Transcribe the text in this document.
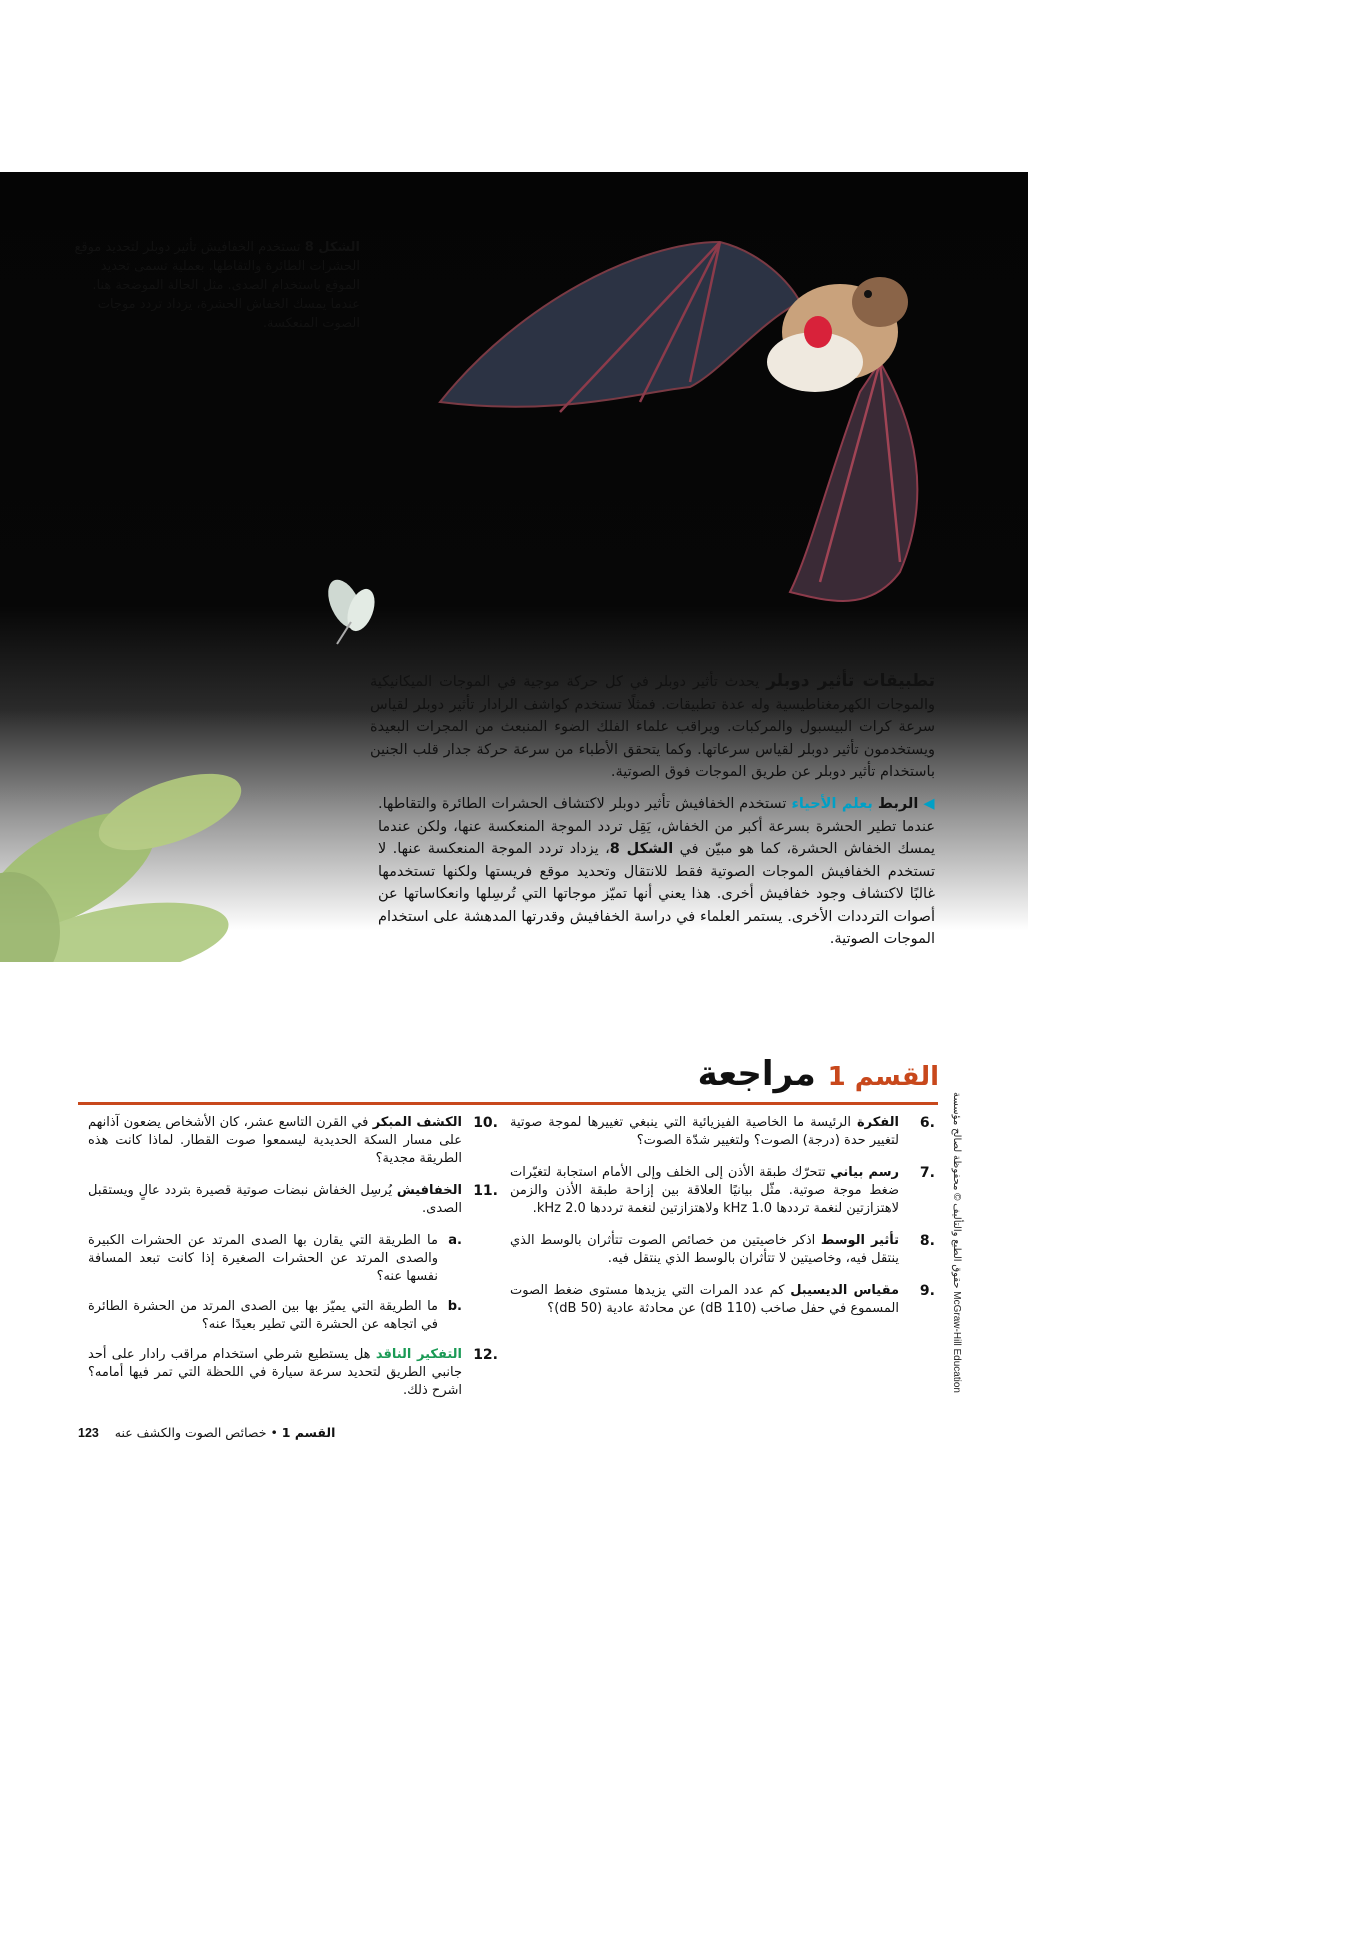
الشكل 8 تستخدم الخفافيش تأثير دوبلر لتحديد موقع الحشرات الطائرة والتقاطها. بعملية تسمى تحديد الموقع باستخدام الصدى. مثل الحالة الموضحة هنا. عندما يمسك الخفاش الحشرة، يزداد تردد موجات الصوت المنعكسة.
تطبيقات تأثير دوبلر يحدث تأثير دوبلر في كل حركة موجية في الموجات الميكانيكية والموجات الكهرمغناطيسية وله عدة تطبيقات. فمثلًا تستخدم كواشف الرادار تأثير دوبلر لقياس سرعة كرات البيسبول والمركبات. ويراقب علماء الفلك الضوء المنبعث من المجرات البعيدة ويستخدمون تأثير دوبلر لقياس سرعاتها. وكما يتحقق الأطباء من سرعة حركة جدار قلب الجنين باستخدام تأثير دوبلر عن طريق الموجات فوق الصوتية.
◀ الربط بعلم الأحياء تستخدم الخفافيش تأثير دوبلر لاكتشاف الحشرات الطائرة والتقاطها. عندما تطير الحشرة بسرعة أكبر من الخفاش، يَقِل تردد الموجة المنعكسة عنها، ولكن عندما يمسك الخفاش الحشرة، كما هو مبيّن في الشكل 8، يزداد تردد الموجة المنعكسة عنها. لا تستخدم الخفافيش الموجات الصوتية فقط للانتقال وتحديد موقع فريستها ولكنها تستخدمها غالبًا لاكتشاف وجود خفافيش أخرى. هذا يعني أنها تميّز موجاتها التي تُرسِلها وانعكاساتها عن أصوات الترددات الأخرى. يستمر العلماء في دراسة الخفافيش وقدرتها المدهشة على استخدام الموجات الصوتية.
القسم 1 مراجعة
.6
الفكرة الرئيسة ما الخاصية الفيزيائية التي ينبغي تغييرها لموجة صوتية لتغيير حدة (درجة) الصوت؟ ولتغيير شدّة الصوت؟
.7
رسم بياني تتحرّك طبقة الأذن إلى الخلف وإلى الأمام استجابة لتغيّرات ضغط موجة صوتية. مثّل بيانيًا العلاقة بين إزاحة طبقة الأذن والزمن لاهتزازتين لنغمة ترددها 1.0 kHz ولاهتزازتين لنغمة ترددها 2.0 kHz.
.8
تأثير الوسط اذكر خاصيتين من خصائص الصوت تتأثران بالوسط الذي ينتقل فيه، وخاصيتين لا تتأثران بالوسط الذي ينتقل فيه.
.9
مقياس الديسيبل كم عدد المرات التي يزيدها مستوى ضغط الصوت المسموع في حفل صاخب (110 dB) عن محادثة عادية (50 dB)؟
.10
الكشف المبكر في القرن التاسع عشر، كان الأشخاص يضعون آذانهم على مسار السكة الحديدية ليسمعوا صوت القطار. لماذا كانت هذه الطريقة مجدية؟
.11
الخفافيش يُرسِل الخفاش نبضات صوتية قصيرة بتردد عالٍ ويستقبل الصدى.
.a
ما الطريقة التي يقارن بها الصدى المرتد عن الحشرات الكبيرة والصدى المرتد عن الحشرات الصغيرة إذا كانت تبعد المسافة نفسها عنه؟
.b
ما الطريقة التي يميّز بها بين الصدى المرتد من الحشرة الطائرة في اتجاهه عن الحشرة التي تطير بعيدًا عنه؟
.12
التفكير الناقد هل يستطيع شرطي استخدام مراقب رادار على أحد جانبي الطريق لتحديد سرعة سيارة في اللحظة التي تمر فيها أمامه؟ اشرح ذلك.
حقوق الطبع والتأليف © محفوظة لصالح مؤسسة McGraw-Hill Education
القسم 1 • خصائص الصوت والكشف عنه    123
